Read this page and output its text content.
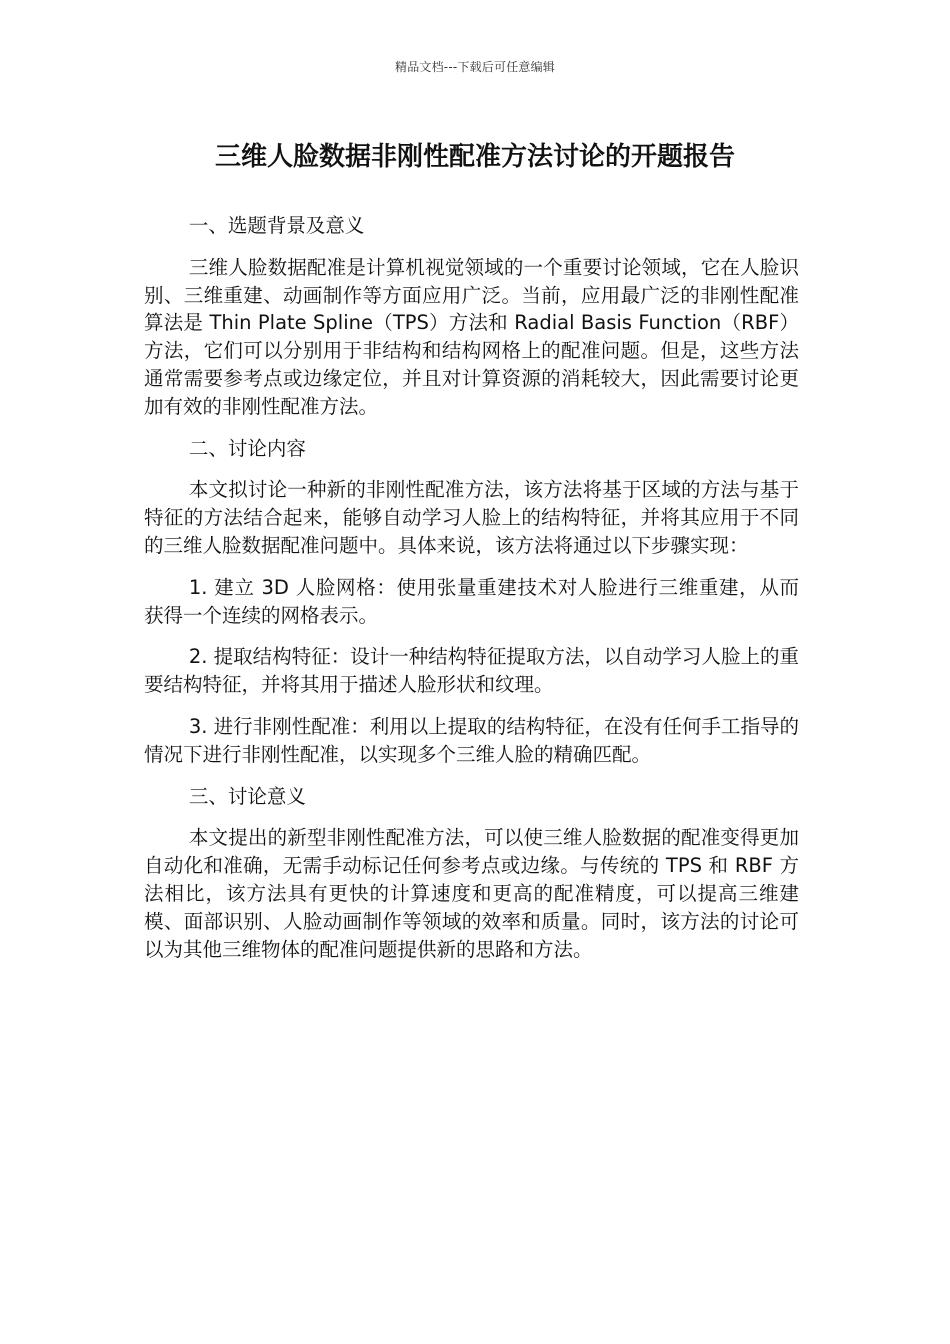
精品文档---下载后可任意编辑
三维人脸数据非刚性配准方法讨论的开题报告

一、选题背景及意义

三维人脸数据配准是计算机视觉领域的一个重要讨论领域，它在人脸识别、三维重建、动画制作等方面应用广泛。当前，应用最广泛的非刚性配准算法是 Thin Plate Spline（TPS）方法和 Radial Basis Function（RBF）方法，它们可以分别用于非结构和结构网格上的配准问题。但是，这些方法通常需要参考点或边缘定位，并且对计算资源的消耗较大，因此需要讨论更加有效的非刚性配准方法。

二、讨论内容

本文拟讨论一种新的非刚性配准方法，该方法将基于区域的方法与基于特征的方法结合起来，能够自动学习人脸上的结构特征，并将其应用于不同的三维人脸数据配准问题中。具体来说，该方法将通过以下步骤实现：

1. 建立 3D 人脸网格：使用张量重建技术对人脸进行三维重建，从而获得一个连续的网格表示。

2. 提取结构特征：设计一种结构特征提取方法，以自动学习人脸上的重要结构特征，并将其用于描述人脸形状和纹理。

3. 进行非刚性配准：利用以上提取的结构特征，在没有任何手工指导的情况下进行非刚性配准，以实现多个三维人脸的精确匹配。

三、讨论意义

本文提出的新型非刚性配准方法，可以使三维人脸数据的配准变得更加自动化和准确，无需手动标记任何参考点或边缘。与传统的 TPS 和 RBF 方法相比，该方法具有更快的计算速度和更高的配准精度，可以提高三维建模、面部识别、人脸动画制作等领域的效率和质量。同时，该方法的讨论可以为其他三维物体的配准问题提供新的思路和方法。
